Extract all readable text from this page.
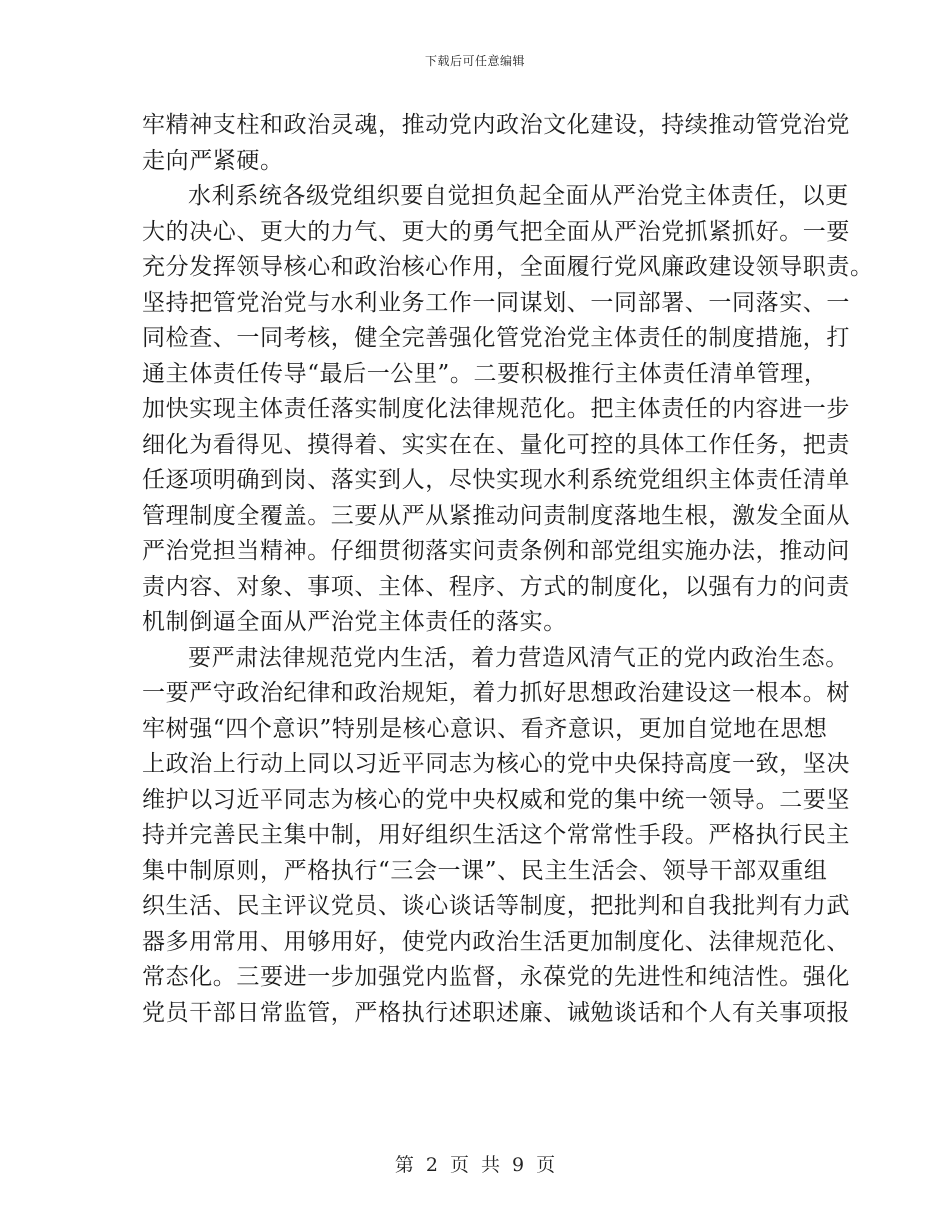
下载后可任意编辑
牢精神支柱和政治灵魂，推动党内政治文化建设，持续推动管党治党
走向严紧硬。
水利系统各级党组织要自觉担负起全面从严治党主体责任，以更
大的决心、更大的力气、更大的勇气把全面从严治党抓紧抓好。一要
充分发挥领导核心和政治核心作用，全面履行党风廉政建设领导职责。
坚持把管党治党与水利业务工作一同谋划、一同部署、一同落实、一
同检查、一同考核，健全完善强化管党治党主体责任的制度措施，打
通主体责任传导“最后一公里”。二要积极推行主体责任清单管理，
加快实现主体责任落实制度化法律规范化。把主体责任的内容进一步
细化为看得见、摸得着、实实在在、量化可控的具体工作任务，把责
任逐项明确到岗、落实到人，尽快实现水利系统党组织主体责任清单
管理制度全覆盖。三要从严从紧推动问责制度落地生根，激发全面从
严治党担当精神。仔细贯彻落实问责条例和部党组实施办法，推动问
责内容、对象、事项、主体、程序、方式的制度化，以强有力的问责
机制倒逼全面从严治党主体责任的落实。
要严肃法律规范党内生活，着力营造风清气正的党内政治生态。
一要严守政治纪律和政治规矩，着力抓好思想政治建设这一根本。树
牢树强“四个意识”特别是核心意识、看齐意识，更加自觉地在思想
上政治上行动上同以习近平同志为核心的党中央保持高度一致，坚决
维护以习近平同志为核心的党中央权威和党的集中统一领导。二要坚
持并完善民主集中制，用好组织生活这个常常性手段。严格执行民主
集中制原则，严格执行“三会一课”、民主生活会、领导干部双重组
织生活、民主评议党员、谈心谈话等制度，把批判和自我批判有力武
器多用常用、用够用好，使党内政治生活更加制度化、法律规范化、
常态化。三要进一步加强党内监督，永葆党的先进性和纯洁性。强化
党员干部日常监管，严格执行述职述廉、诫勉谈话和个人有关事项报
第 2 页 共 9 页
